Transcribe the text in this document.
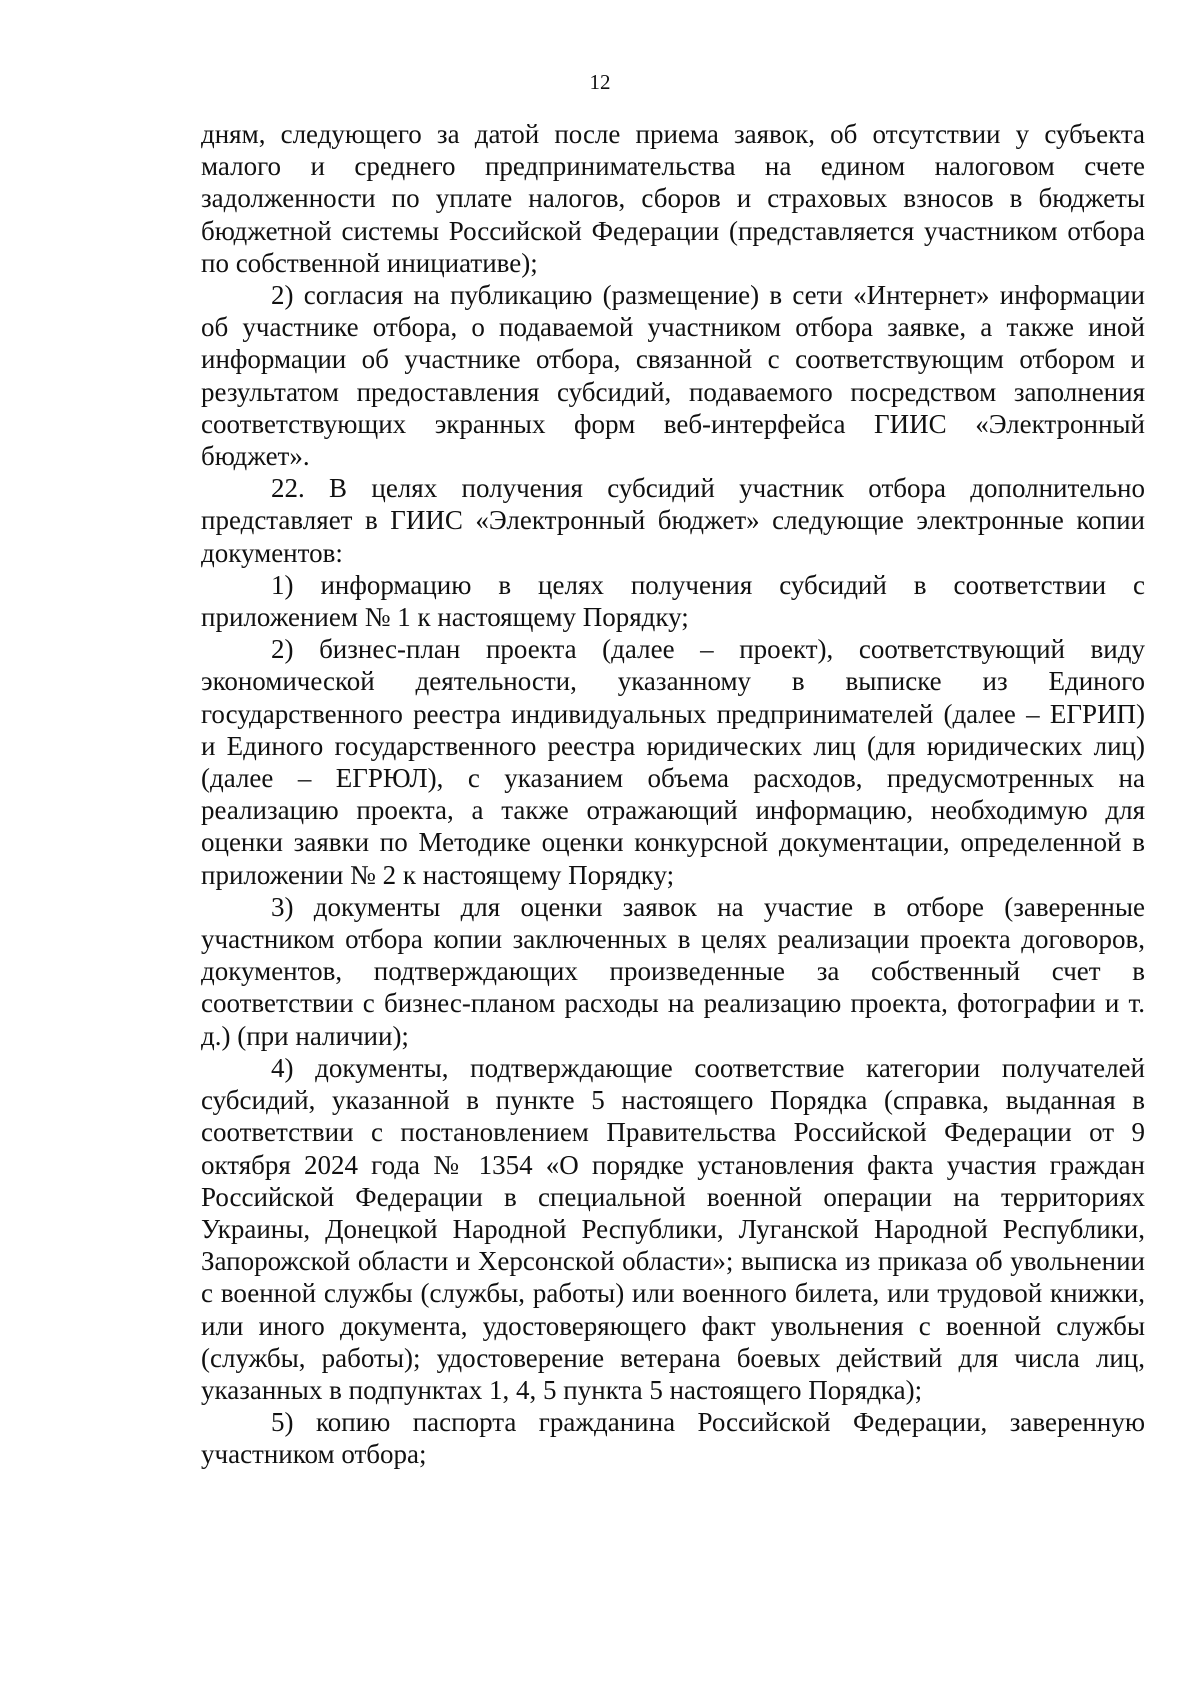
12

дням, следующего за датой после приема заявок, об отсутствии у субъекта малого и среднего предпринимательства на едином налоговом счете задолженности по уплате налогов, сборов и страховых взносов в бюджеты бюджетной системы Российской Федерации (представляется участником отбора по собственной инициативе);

2) согласия на публикацию (размещение) в сети «Интернет» информации об участнике отбора, о подаваемой участником отбора заявке, а также иной информации об участнике отбора, связанной с соответствующим отбором и результатом предоставления субсидий, подаваемого посредством заполнения соответствующих экранных форм веб-интерфейса ГИИС «Электронный бюджет».

22. В целях получения субсидий участник отбора дополнительно представляет в ГИИС «Электронный бюджет» следующие электронные копии документов:

1) информацию в целях получения субсидий в соответствии с приложением № 1 к настоящему Порядку;

2) бизнес-план проекта (далее – проект), соответствующий виду экономической деятельности, указанному в выписке из Единого государственного реестра индивидуальных предпринимателей (далее – ЕГРИП) и Единого государственного реестра юридических лиц (для юридических лиц) (далее – ЕГРЮЛ), с указанием объема расходов, предусмотренных на реализацию проекта, а также отражающий информацию, необходимую для оценки заявки по Методике оценки конкурсной документации, определенной в приложении № 2 к настоящему Порядку;

3) документы для оценки заявок на участие в отборе (заверенные участником отбора копии заключенных в целях реализации проекта договоров, документов, подтверждающих произведенные за собственный счет в соответствии с бизнес-планом расходы на реализацию проекта, фотографии и т. д.) (при наличии);

4) документы, подтверждающие соответствие категории получателей субсидий, указанной в пункте 5 настоящего Порядка (справка, выданная в соответствии с постановлением Правительства Российской Федерации от 9 октября 2024 года № 1354 «О порядке установления факта участия граждан Российской Федерации в специальной военной операции на территориях Украины, Донецкой Народной Республики, Луганской Народной Республики, Запорожской области и Херсонской области»; выписка из приказа об увольнении с военной службы (службы, работы) или военного билета, или трудовой книжки, или иного документа, удостоверяющего факт увольнения с военной службы (службы, работы); удостоверение ветерана боевых действий для числа лиц, указанных в подпунктах 1, 4, 5 пункта 5 настоящего Порядка);

5) копию паспорта гражданина Российской Федерации, заверенную участником отбора;
